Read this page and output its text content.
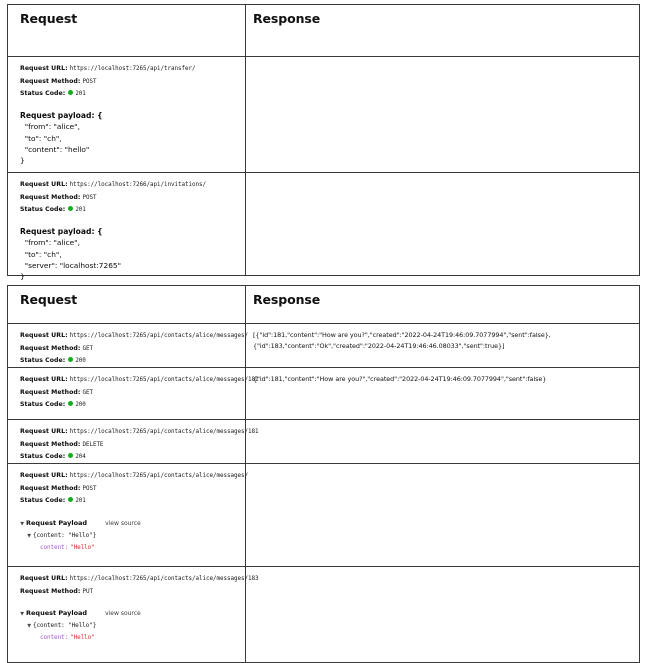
Request	Response
Request URL: https://localhost:7265/api/transfer/
Request Method: POST
Status Code: 201
Request payload: {
"from": "alice",
"to": "ch",
"content": "hello"
}
Request URL: https://localhost:7266/api/invitations/
Request Method: POST
Status Code: 201
Request payload: {
"from": "alice",
"to": "ch",
"server": "localhost:7265"
}
Request	Response
Request URL: https://localhost:7265/api/contacts/alice/messages/
Request Method: GET
Status Code: 200
[{"id":181,"content":"How are you?","created":"2022-04-24T19:46:09.7077994","sent":false},{"id":183,"content":"Ok","created":"2022-04-24T19:46:46.08033","sent":true}]
Request URL: https://localhost:7265/api/contacts/alice/messages/181
Request Method: GET
Status Code: 200
{"id":181,"content":"How are you?","created":"2022-04-24T19:46:09.7077994","sent":false}
Request URL: https://localhost:7265/api/contacts/alice/messages/181
Request Method: DELETE
Status Code: 204
Request URL: https://localhost:7265/api/contacts/alice/messages/
Request Method: POST
Status Code: 201
▼ Request Payload	view source
▼ {content: "Hello"}
content: "Hello"
Request URL: https://localhost:7265/api/contacts/alice/messages/183
Request Method: PUT
▼ Request Payload	view source
▼ {content: "Hello"}
content: "Hello"
